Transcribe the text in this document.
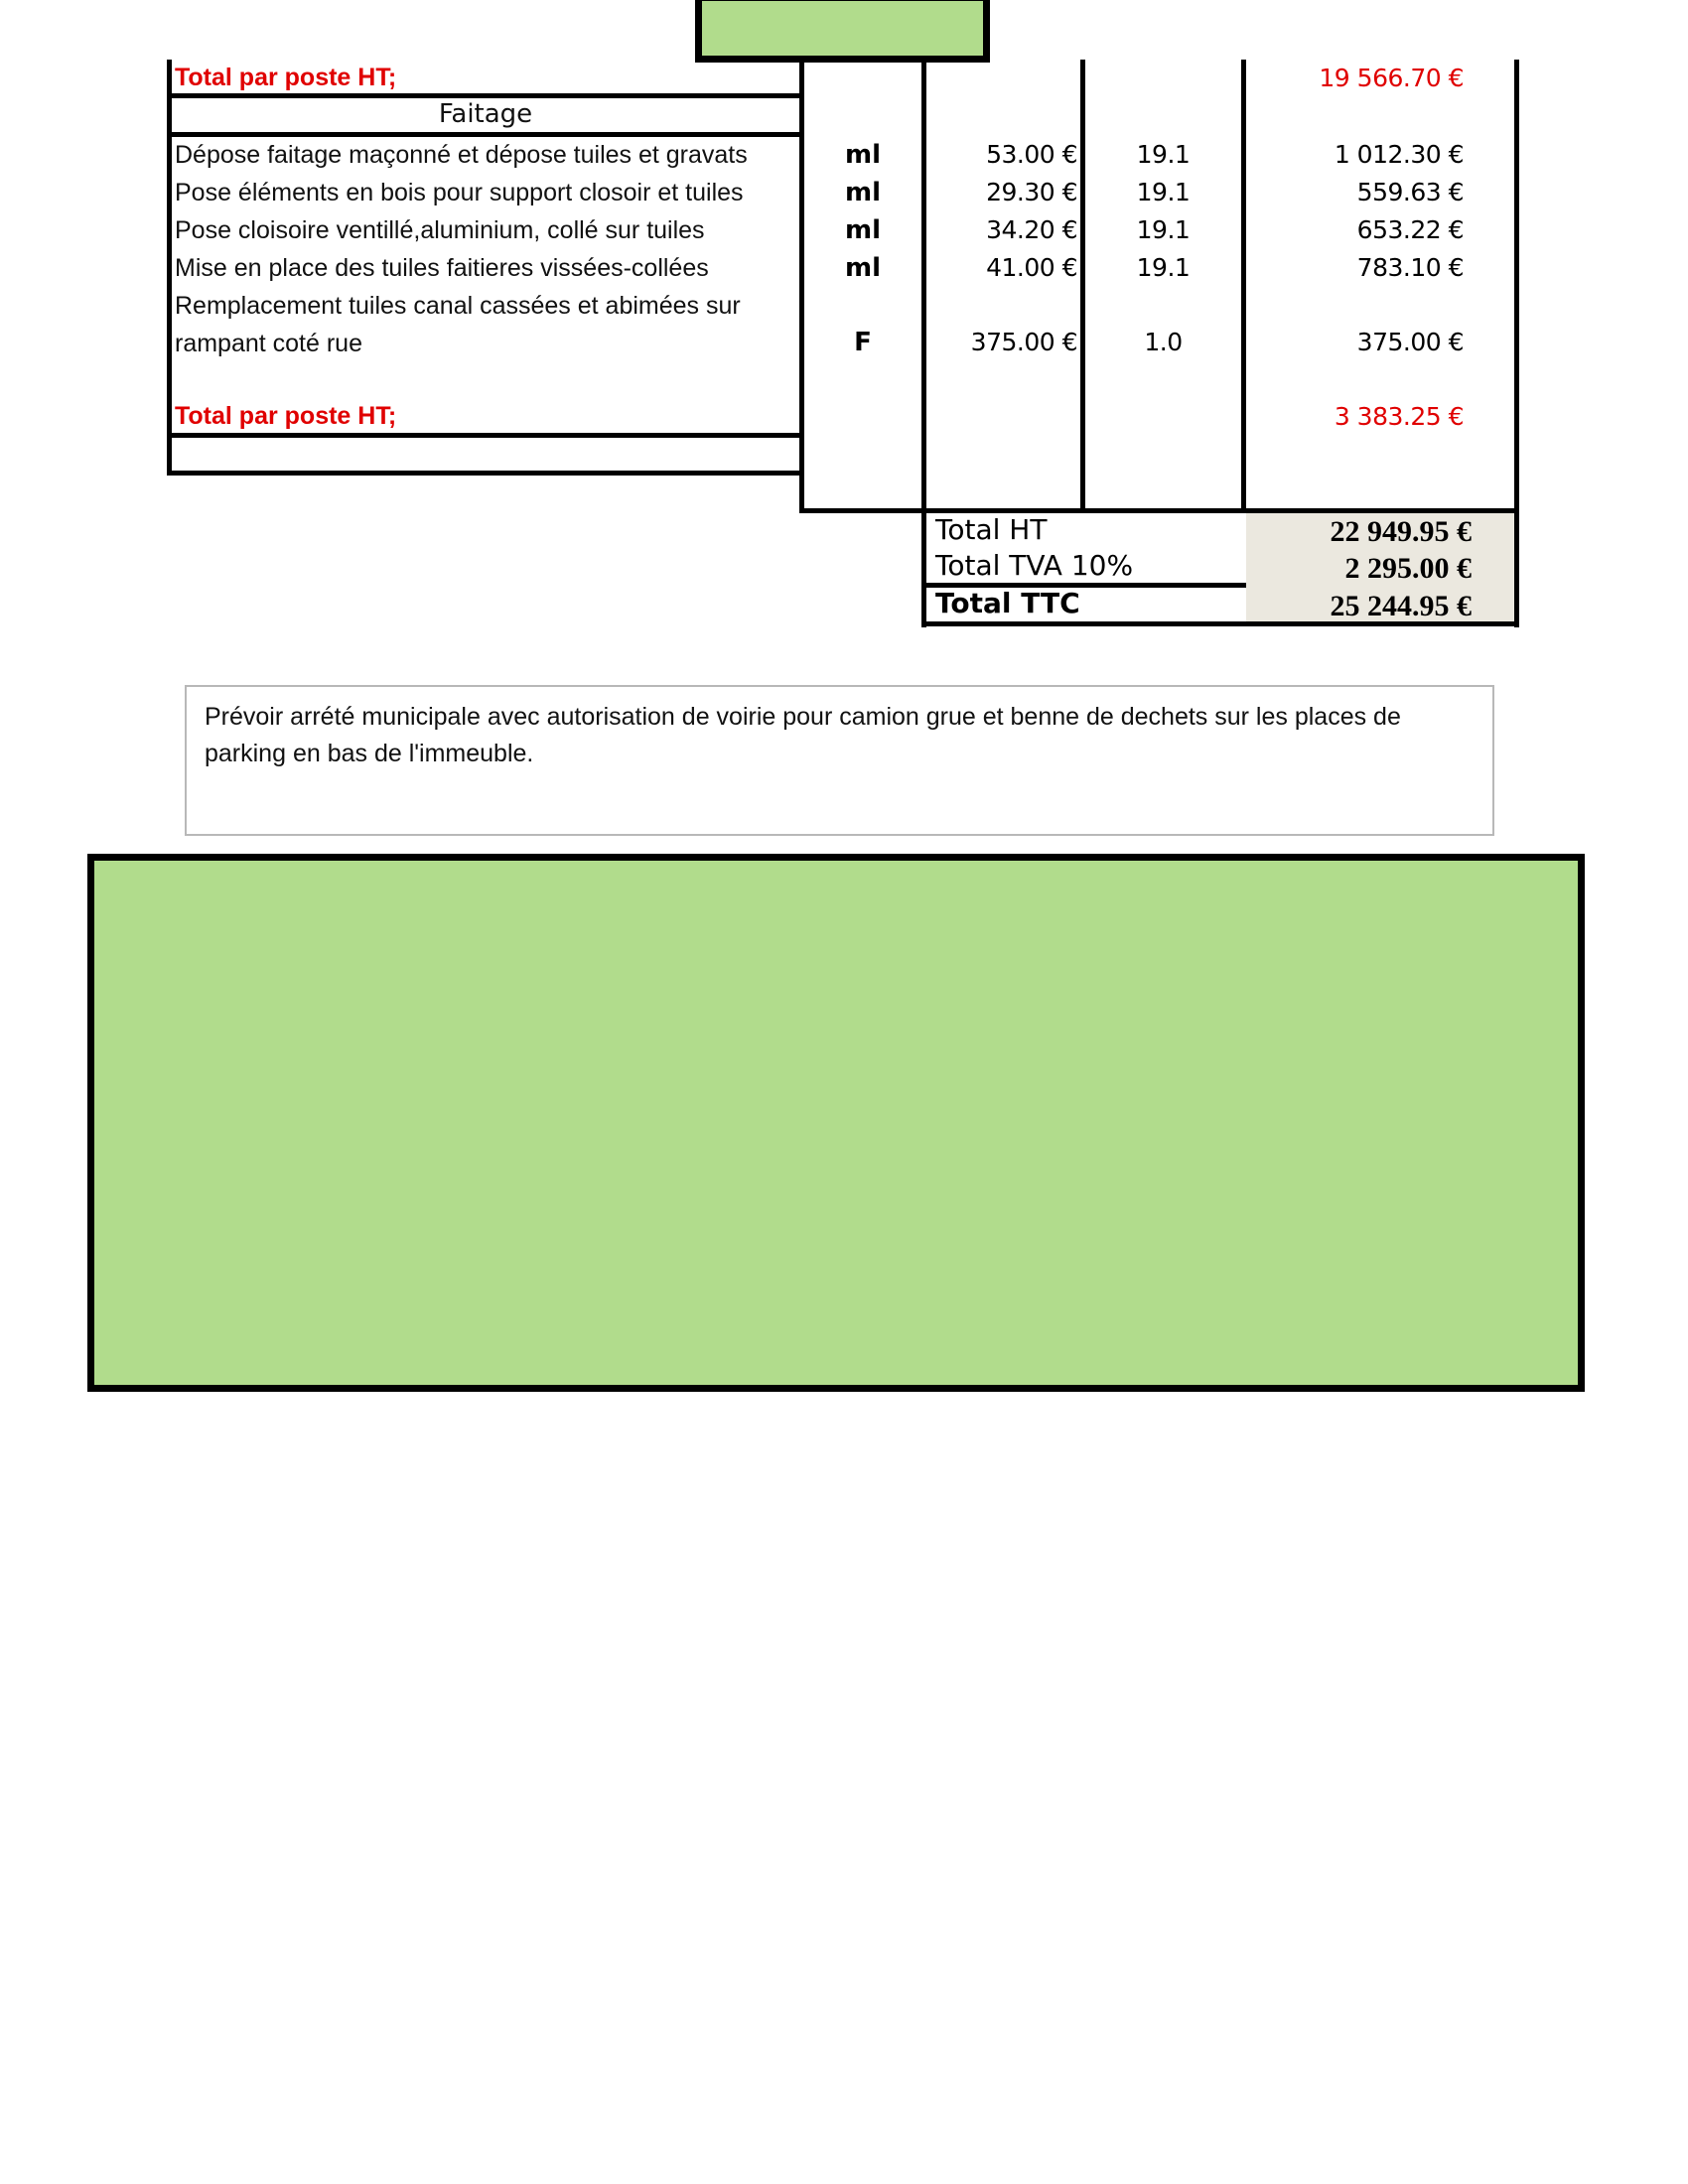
Total par poste HT;	19 566.70 €
Faitage
Dépose faitage maçonné et dépose tuiles et gravats	ml	53.00 €	19.1	1 012.30 €
Pose éléments en bois pour support closoir et tuiles	ml	29.30 €	19.1	559.63 €
Pose cloisoire ventillé,aluminium, collé sur tuiles	ml	34.20 €	19.1	653.22 €
Mise en place des tuiles faitieres vissées-collées	ml	41.00 €	19.1	783.10 €
Remplacement tuiles canal cassées et abimées sur
rampant coté rue	F	375.00 €	1.0	375.00 €
Total par poste HT;	3 383.25 €
Total HT	22 949.95 €
Total TVA 10%	2 295.00 €
Total TTC	25 244.95 €
Prévoir arrété municipale avec autorisation de voirie pour camion grue et benne de dechets sur les places de parking en bas de l'immeuble.
